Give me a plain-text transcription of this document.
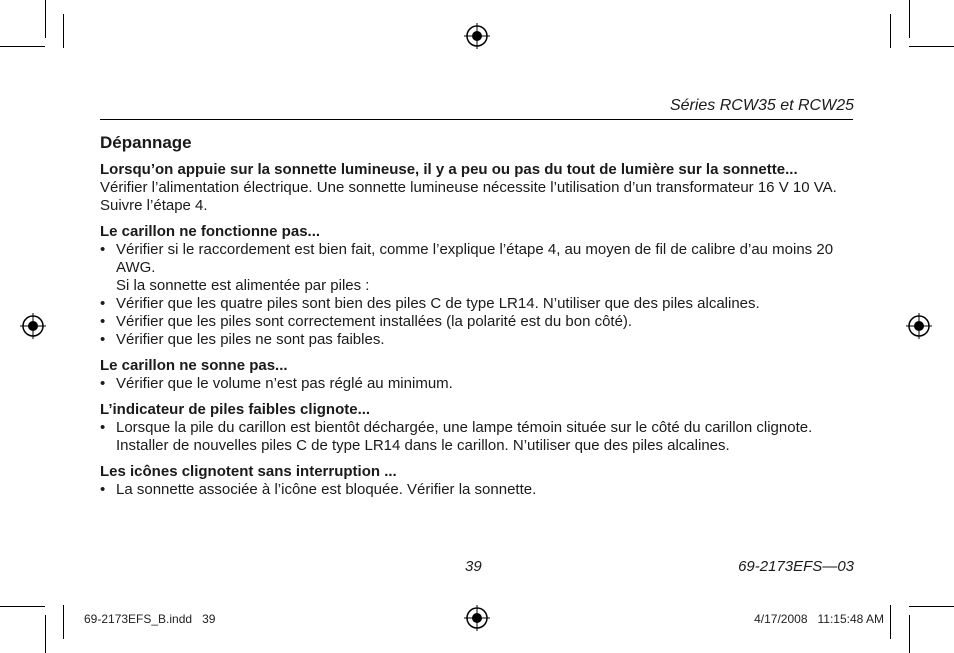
Séries RCW35 et RCW25
Dépannage

Lorsqu’on appuie sur la sonnette lumineuse, il y a peu ou pas du tout de lumière sur la sonnette...

Vérifier l’alimentation électrique. Une sonnette lumineuse nécessite l’utilisation d’un transformateur 16 V 10 VA. Suivre l’étape 4.

Le carillon ne fonctionne pas...

• Vérifier si le raccordement est bien fait, comme l’explique l’étape 4, au moyen de fil de calibre d’au moins 20 AWG.
Si la sonnette est alimentée par piles :
• Vérifier que les quatre piles sont bien des piles C de type LR14. N’utiliser que des piles alcalines.
• Vérifier que les piles sont correctement installées (la polarité est du bon côté).
• Vérifier que les piles ne sont pas faibles.

Le carillon ne sonne pas...

• Vérifier que le volume n’est pas réglé au minimum.

L’indicateur de piles faibles clignote...

• Lorsque la pile du carillon est bientôt déchargée, une lampe témoin située sur le côté du carillon clignote. Installer de nouvelles piles C de type LR14 dans le carillon. N’utiliser que des piles alcalines.

Les icônes clignotent sans interruption ...

• La sonnette associée à l’icône est bloquée. Vérifier la sonnette.
39	69-2173EFS—03
69-2173EFS_B.indd   39	4/17/2008   11:15:48 AM
